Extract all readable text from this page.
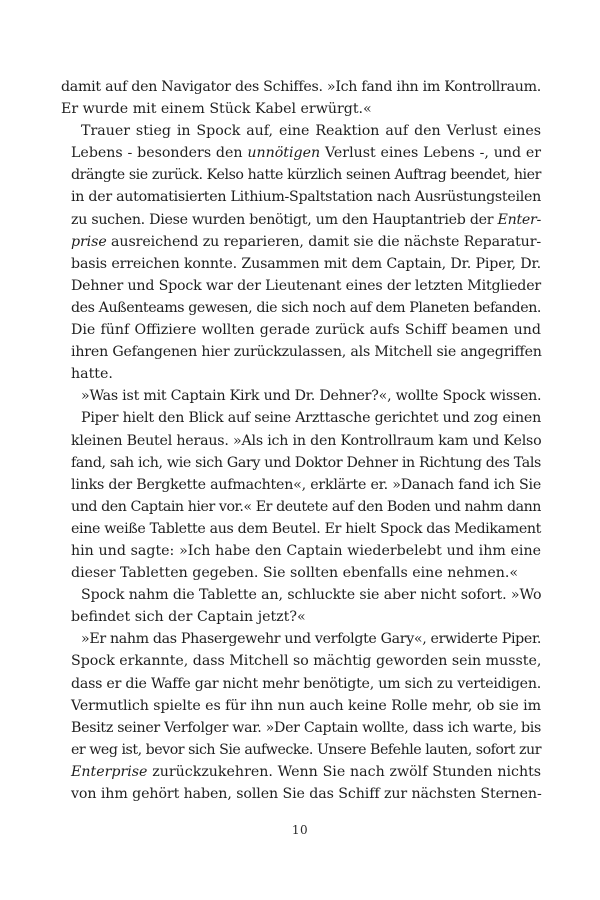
damit auf den Navigator des Schiffes. »Ich fand ihn im Kontrollraum.
Er wurde mit einem Stück Kabel erwürgt.«
Trauer stieg in Spock auf, eine Reaktion auf den Verlust eines
Lebens - besonders den unnötigen Verlust eines Lebens -, und er
drängte sie zurück. Kelso hatte kürzlich seinen Auftrag beendet, hier
in der automatisierten Lithium-Spaltstation nach Ausrüstungsteilen
zu suchen. Diese wurden benötigt, um den Hauptantrieb der Enter-
prise ausreichend zu reparieren, damit sie die nächste Reparatur-
basis erreichen konnte. Zusammen mit dem Captain, Dr. Piper, Dr.
Dehner und Spock war der Lieutenant eines der letzten Mitglieder
des Außenteams gewesen, die sich noch auf dem Planeten befanden.
Die fünf Offiziere wollten gerade zurück aufs Schiff beamen und
ihren Gefangenen hier zurückzulassen, als Mitchell sie angegriffen
hatte.
»Was ist mit Captain Kirk und Dr. Dehner?«, wollte Spock wissen.
Piper hielt den Blick auf seine Arzttasche gerichtet und zog einen
kleinen Beutel heraus. »Als ich in den Kontrollraum kam und Kelso
fand, sah ich, wie sich Gary und Doktor Dehner in Richtung des Tals
links der Bergkette aufmachten«, erklärte er. »Danach fand ich Sie
und den Captain hier vor.« Er deutete auf den Boden und nahm dann
eine weiße Tablette aus dem Beutel. Er hielt Spock das Medikament
hin und sagte: »Ich habe den Captain wiederbelebt und ihm eine
dieser Tabletten gegeben. Sie sollten ebenfalls eine nehmen.«
Spock nahm die Tablette an, schluckte sie aber nicht sofort. »Wo
befindet sich der Captain jetzt?«
»Er nahm das Phasergewehr und verfolgte Gary«, erwiderte Piper.
Spock erkannte, dass Mitchell so mächtig geworden sein musste,
dass er die Waffe gar nicht mehr benötigte, um sich zu verteidigen.
Vermutlich spielte es für ihn nun auch keine Rolle mehr, ob sie im
Besitz seiner Verfolger war. »Der Captain wollte, dass ich warte, bis
er weg ist, bevor sich Sie aufwecke. Unsere Befehle lauten, sofort zur
Enterprise zurückzukehren. Wenn Sie nach zwölf Stunden nichts
von ihm gehört haben, sollen Sie das Schiff zur nächsten Sternen-
10
